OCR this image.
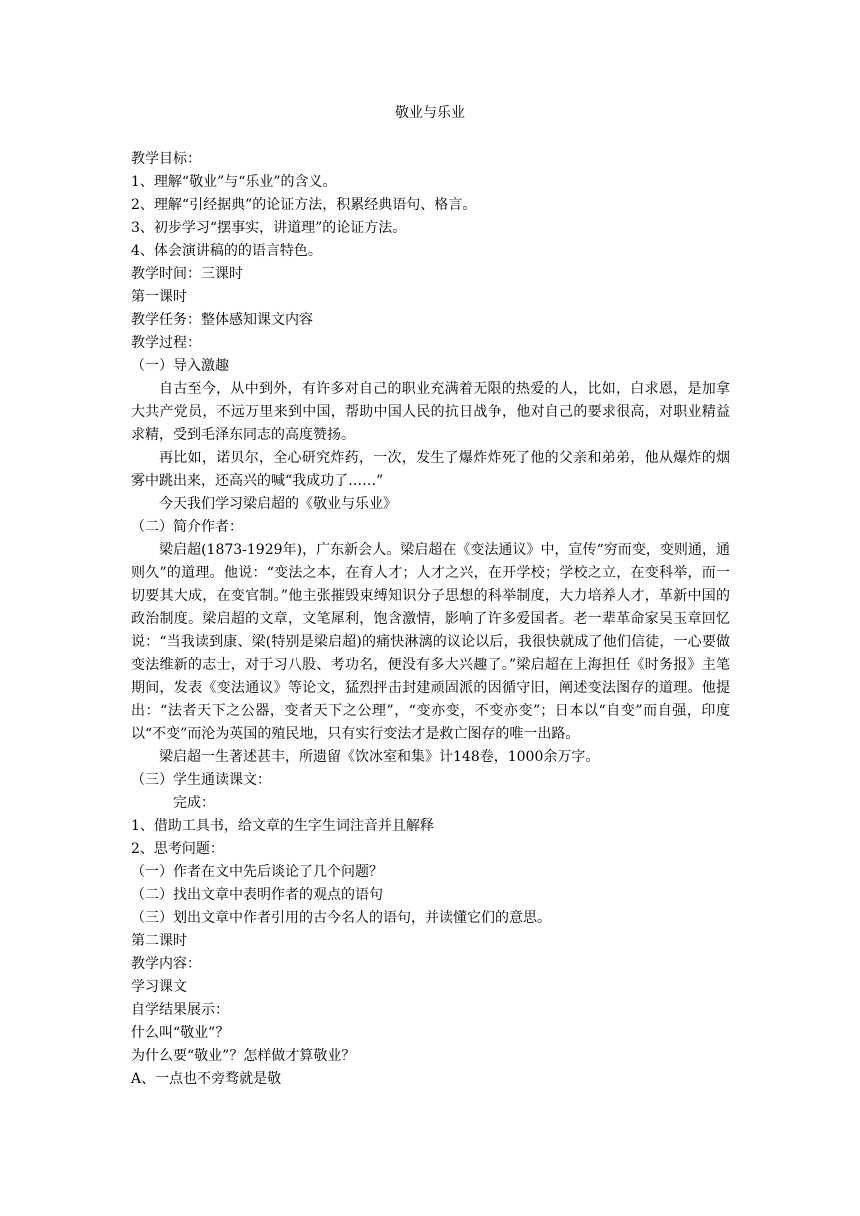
敬业与乐业

教学目标：

1、理解“敬业”与“乐业”的含义。

2、理解“引经据典”的论证方法，积累经典语句、格言。

3、初步学习“摆事实，讲道理”的论证方法。

4、体会演讲稿的的语言特色。

教学时间：三课时

第一课时

教学任务：整体感知课文内容

教学过程：

（一）导入激趣

自古至今，从中到外，有许多对自己的职业充满着无限的热爱的人，比如，白求恩，是加拿大共产党员，不远万里来到中国，帮助中国人民的抗日战争，他对自己的要求很高，对职业精益求精，受到毛泽东同志的高度赞扬。

再比如，诺贝尔，全心研究炸药，一次，发生了爆炸炸死了他的父亲和弟弟，他从爆炸的烟雾中跳出来，还高兴的喊“我成功了……”

今天我们学习梁启超的《敬业与乐业》

（二）简介作者：

梁启超(1873-1929年)，广东新会人。梁启超在《变法通议》中，宣传“穷而变，变则通，通则久”的道理。他说：“变法之本，在育人才；人才之兴，在开学校；学校之立，在变科举，而一切要其大成，在变官制。”他主张摧毁束缚知识分子思想的科举制度，大力培养人才，革新中国的政治制度。梁启超的文章，文笔犀利，饱含激情，影响了许多爱国者。老一辈革命家吴玉章回忆说：“当我读到康、梁(特别是梁启超)的痛快淋漓的议论以后，我很快就成了他们信徒，一心要做变法维新的志士，对于习八股、考功名，便没有多大兴趣了。”梁启超在上海担任《时务报》主笔期间，发表《变法通议》等论文，猛烈抨击封建顽固派的因循守旧，阐述变法图存的道理。他提出：“法者天下之公器，变者天下之公理”，“变亦变，不变亦变”；日本以“自变”而自强，印度以“不变”而沦为英国的殖民地，只有实行变法才是救亡图存的唯一出路。

梁启超一生著述甚丰，所遗留《饮冰室和集》计148卷，1000余万字。

（三）学生通读课文：

完成：

1、借助工具书，给文章的生字生词注音并且解释

2、思考问题：

（一）作者在文中先后谈论了几个问题？

（二）找出文章中表明作者的观点的语句

（三）划出文章中作者引用的古今名人的语句，并读懂它们的意思。

第二课时

教学内容：

学习课文

自学结果展示：

什么叫“敬业”？

为什么要“敬业”？怎样做才算敬业？

A、一点也不旁骛就是敬
